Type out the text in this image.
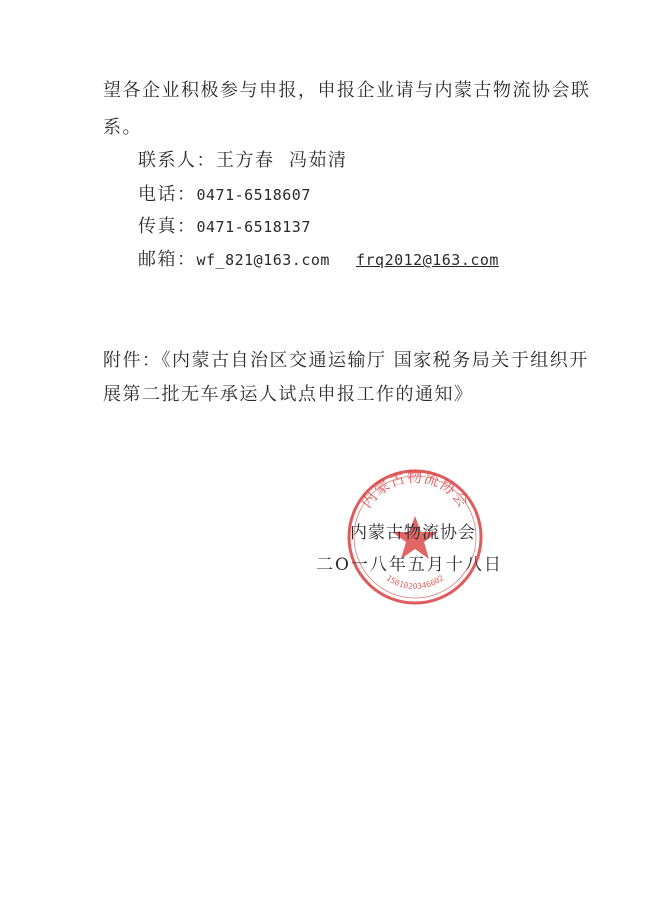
望各企业积极参与申报，申报企业请与内蒙古物流协会联
系。
联系人：王方春  冯茹清
电话：0471-6518607
传真：0471-6518137
邮箱：wf_821@163.com frq2012@163.com
附件：《内蒙古自治区交通运输厅 国家税务局关于组织开
展第二批无车承运人试点申报工作的通知》
内蒙古物流协会
1501020346602
内蒙古物流协会
二O一八年五月十八日
